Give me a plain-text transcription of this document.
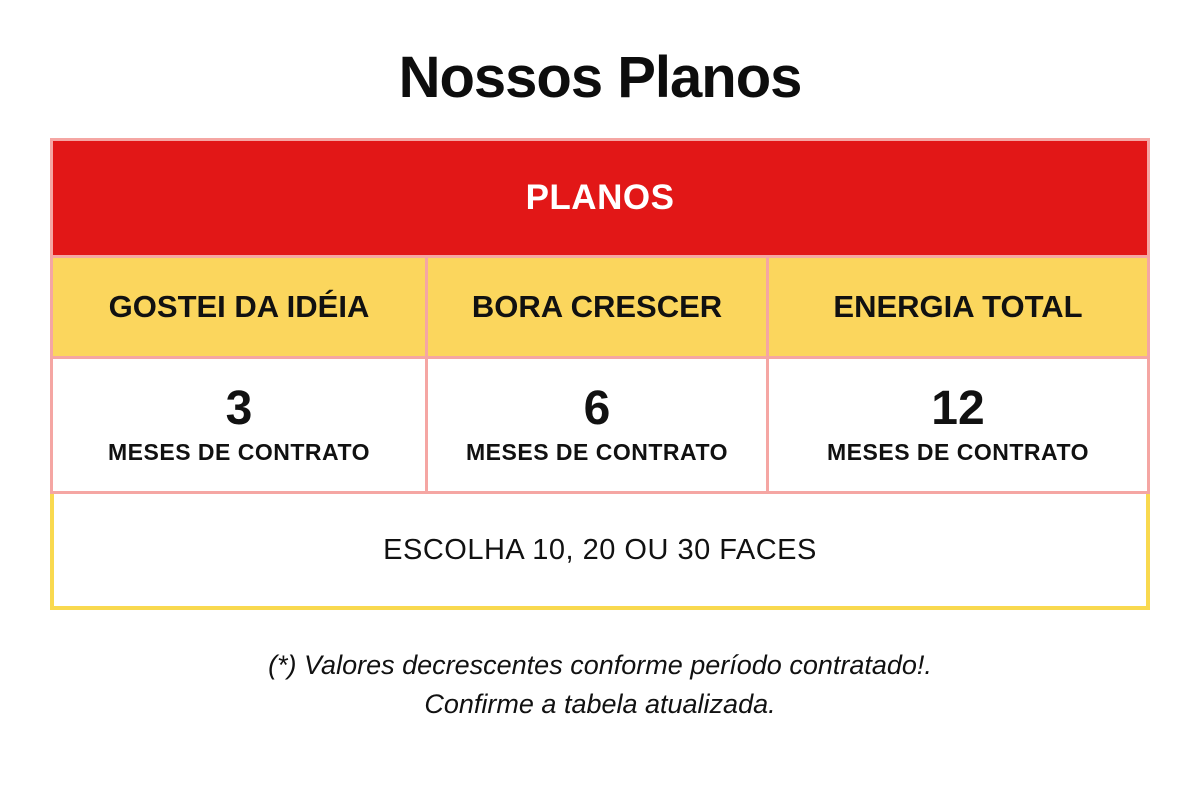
Nossos Planos
PLANOS
GOSTEI DA IDÉIA	BORA CRESCER	ENERGIA TOTAL
3
MESES DE CONTRATO
6
MESES DE CONTRATO
12
MESES DE CONTRATO
ESCOLHA 10, 20 OU 30 FACES
(*) Valores decrescentes conforme período contratado!.
Confirme a tabela atualizada.
